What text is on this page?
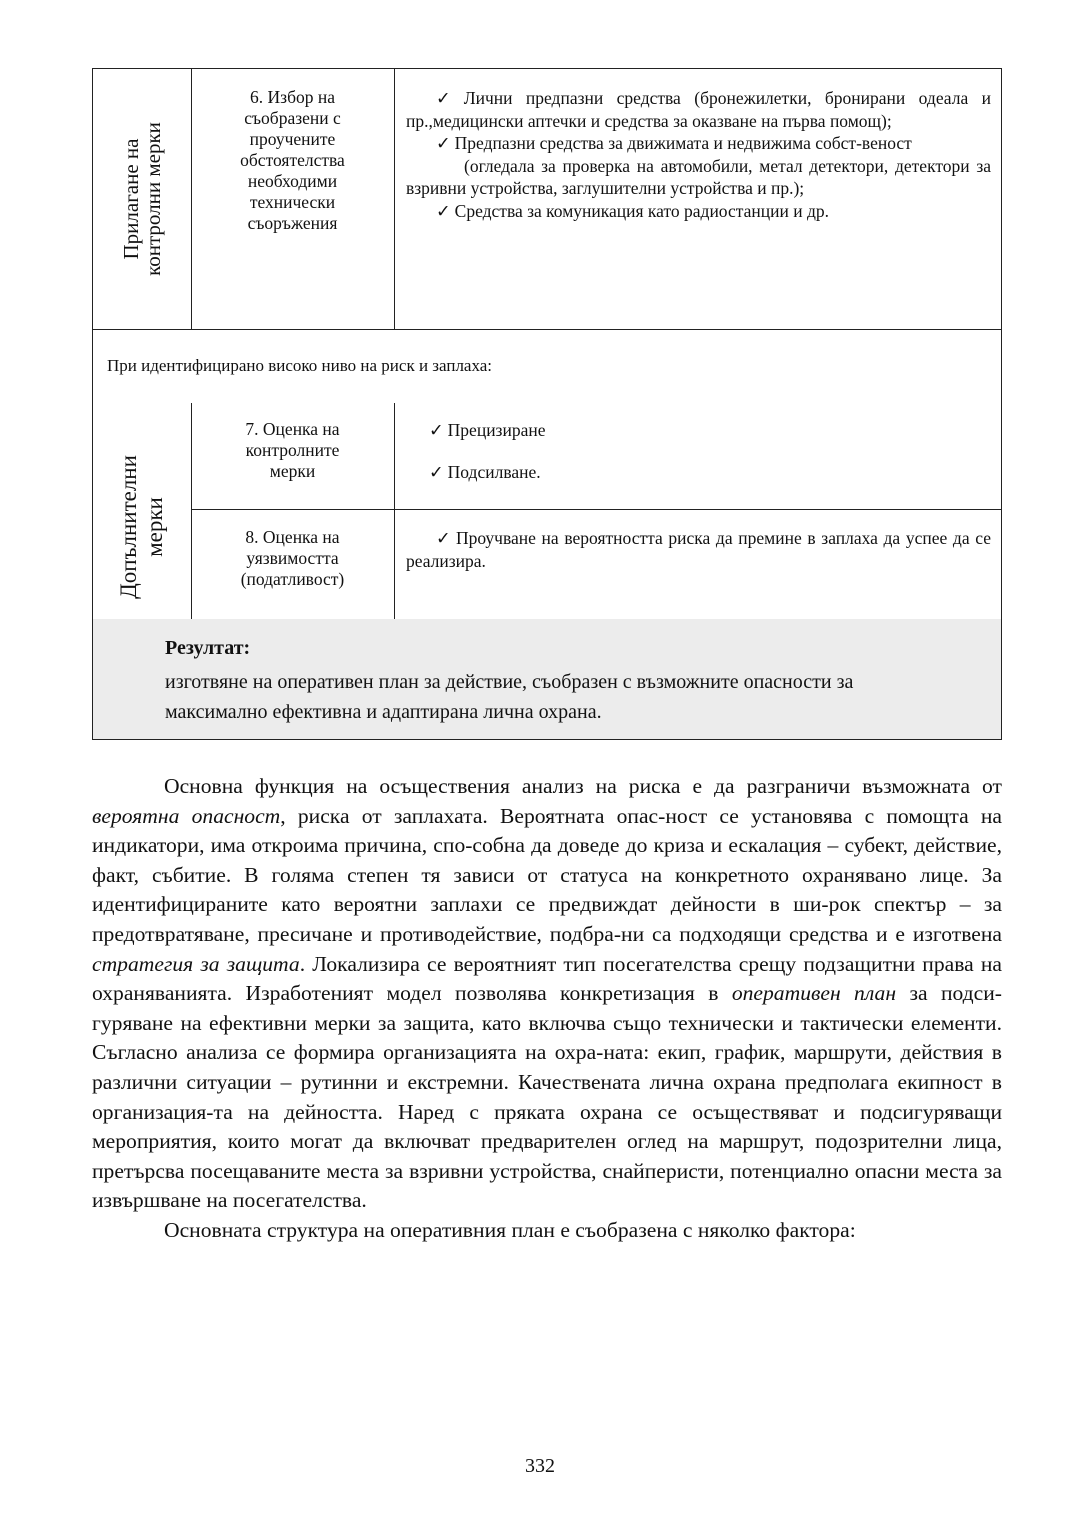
Прилагане на
контролни мерки
6. Избор на
съобразени с
проучените
обстоятелства
необходими
технически
съоръжения

✓ Лични предпазни средства (бронежилетки, бронирани одеала и пр.,медицински аптечки и средства за оказване на първа помощ);

✓ Предпазни средства за движимата и недвижима собст-веност

(огледала за проверка на автомобили, метал детектори, детектори за взривни устройства, заглушителни устройства и пр.);

✓ Средства за комуникация като радиостанции и др.

При идентифицирано високо ниво на риск и заплаха:
Допълнителни мерки
7. Оценка на
контролните
мерки
✓ Прецизиране
✓ Подсилване.
8. Оценка на
уязвимостта
(податливост)

✓ Проучване на вероятността риска да премине в заплаха да успее да се реализира.

Резултат:
изготвяне на оперативен план за действие, съобразен с възможните опасности за максимално ефективна и адаптирана лична охрана.

Основна функция на осъществения анализ на риска е да разграничи възможната от вероятна опасност, риска от заплахата. Вероятната опас-ност се установява с помощта на индикатори, има откроима причина, спо-собна да доведе до криза и ескалация – субект, действие, факт, събитие. В голяма степен тя зависи от статуса на конкретното охранявано лице. За идентифицираните като вероятни заплахи се предвиждат дейности в ши-рок спектър – за предотвратяване, пресичане и противодействие, подбра-ни са подходящи средства и е изготвена стратегия за защита. Локализира се вероятният тип посегателства срещу подзащитни права на охраняванията. Изработеният модел позволява конкретизация в оперативен план за подси-гуряване на ефективни мерки за защита, като включва също технически и тактически елементи. Съгласно анализа се формира организацията на охра-ната: екип, график, маршрути, действия в различни ситуации – рутинни и екстремни. Качествената лична охрана предполага екипност в организация-та на дейността. Наред с пряката охрана се осъществяват и подсигуряващи мероприятия, които могат да включват предварителен оглед на маршрут, подозрителни лица, претърсва посещаваните места за взривни устройства, снайперисти, потенциално опасни места за извършване на посегателства.

Основната структура на оперативния план е съобразена с няколко фактора:

332
